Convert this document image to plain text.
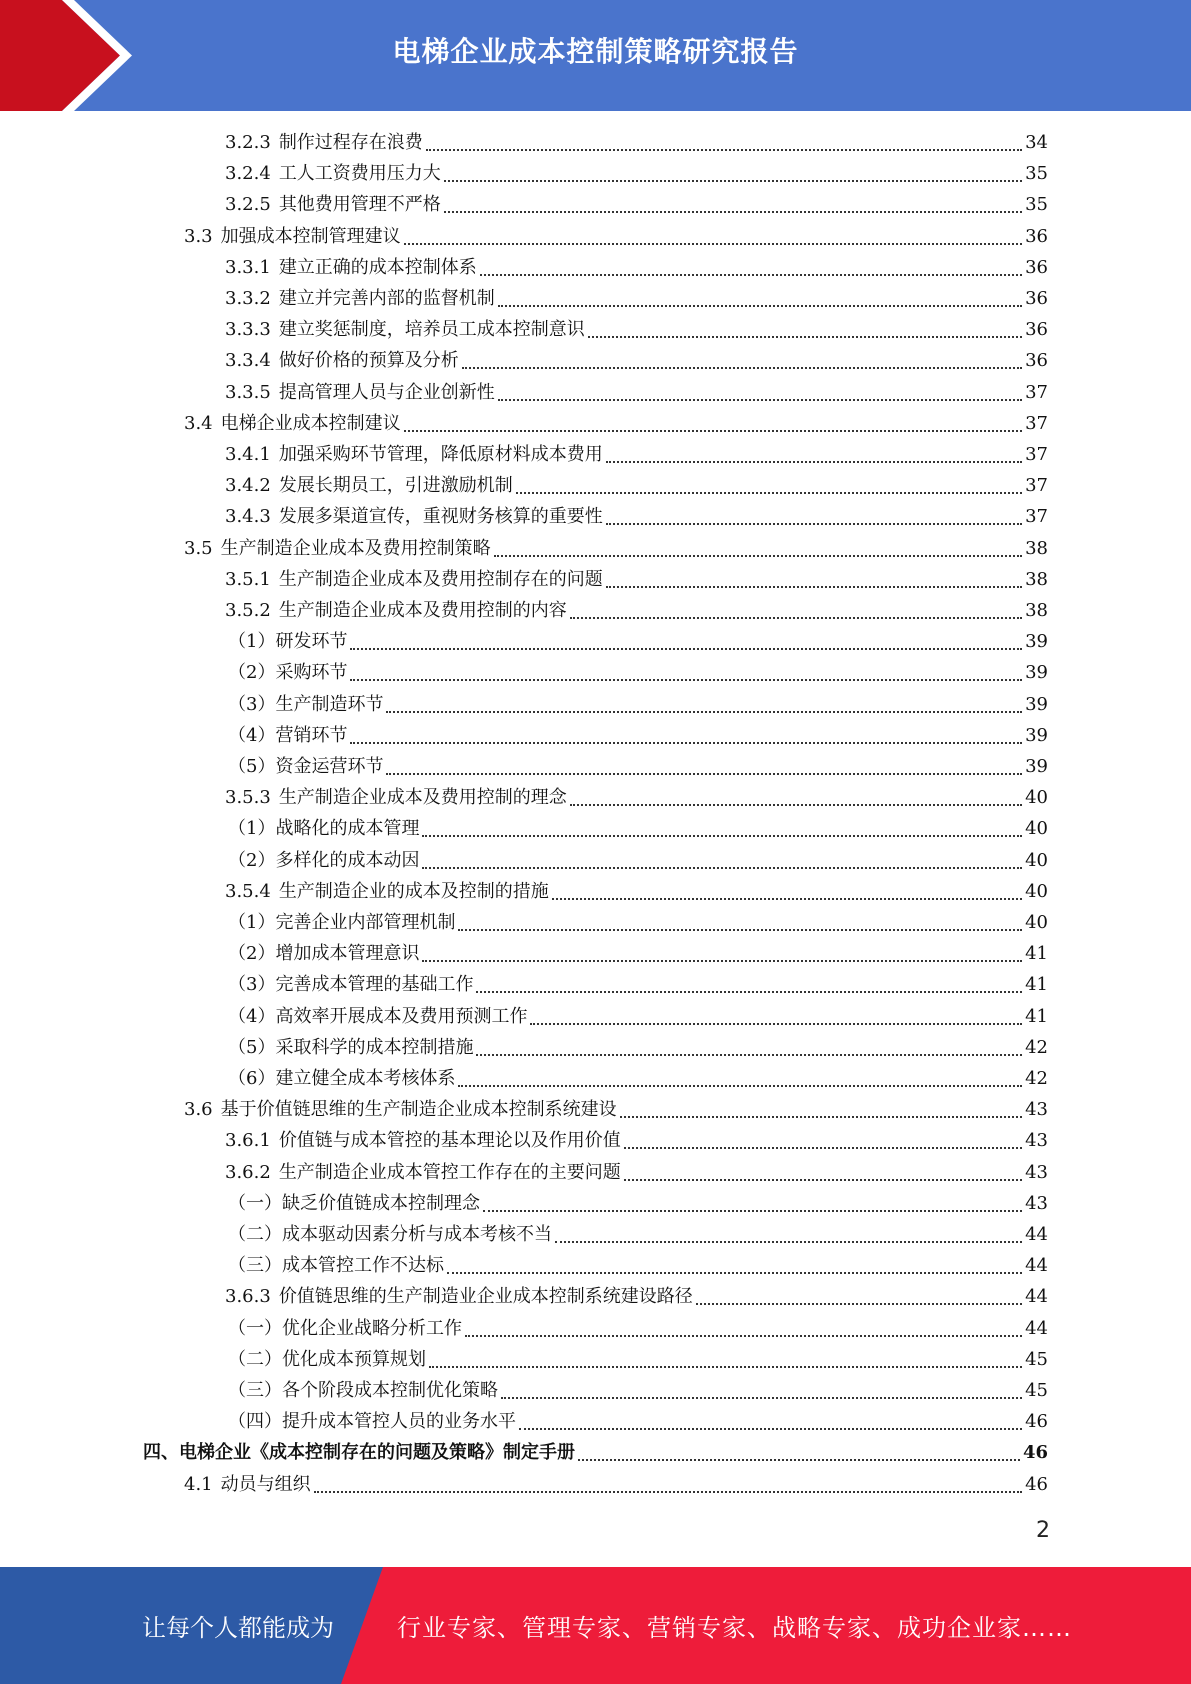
电梯企业成本控制策略研究报告
3.2.3 制作过程存在浪费	34
3.2.4 工人工资费用压力大	35
3.2.5 其他费用管理不严格	35
3.3 加强成本控制管理建议	36
3.3.1 建立正确的成本控制体系	36
3.3.2 建立并完善内部的监督机制	36
3.3.3 建立奖惩制度，培养员工成本控制意识	36
3.3.4 做好价格的预算及分析	36
3.3.5 提高管理人员与企业创新性	37
3.4 电梯企业成本控制建议	37
3.4.1 加强采购环节管理，降低原材料成本费用	37
3.4.2 发展长期员工，引进激励机制	37
3.4.3 发展多渠道宣传，重视财务核算的重要性	37
3.5 生产制造企业成本及费用控制策略	38
3.5.1 生产制造企业成本及费用控制存在的问题	38
3.5.2 生产制造企业成本及费用控制的内容	38
（1）研发环节	39
（2）采购环节	39
（3）生产制造环节	39
（4）营销环节	39
（5）资金运营环节	39
3.5.3 生产制造企业成本及费用控制的理念	40
（1）战略化的成本管理	40
（2）多样化的成本动因	40
3.5.4 生产制造企业的成本及控制的措施	40
（1）完善企业内部管理机制	40
（2）增加成本管理意识	41
（3）完善成本管理的基础工作	41
（4）高效率开展成本及费用预测工作	41
（5）采取科学的成本控制措施	42
（6）建立健全成本考核体系	42
3.6 基于价值链思维的生产制造企业成本控制系统建设	43
3.6.1 价值链与成本管控的基本理论以及作用价值	43
3.6.2 生产制造企业成本管控工作存在的主要问题	43
（一）缺乏价值链成本控制理念	43
（二）成本驱动因素分析与成本考核不当	44
（三）成本管控工作不达标	44
3.6.3 价值链思维的生产制造业企业成本控制系统建设路径	44
（一）优化企业战略分析工作	44
（二）优化成本预算规划	45
（三）各个阶段成本控制优化策略	45
（四）提升成本管控人员的业务水平	46
四、电梯企业《成本控制存在的问题及策略》制定手册	46
4.1 动员与组织	46
2
让每个人都能成为	行业专家、管理专家、营销专家、战略专家、成功企业家……
